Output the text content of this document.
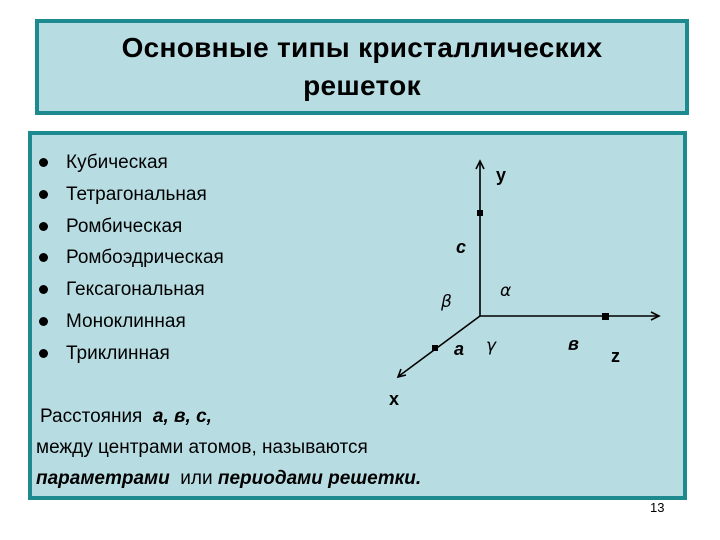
Основные типы кристаллических решеток
Кубическая
Тетрагональная
Ромбическая
Ромбоэдрическая
Гексагональная
Моноклинная
Триклинная
Расстояния а, в, с,
между центрами атомов, называются
параметрами или периодами решетки.
у
z
х
с
в
а
α
β
γ
13
